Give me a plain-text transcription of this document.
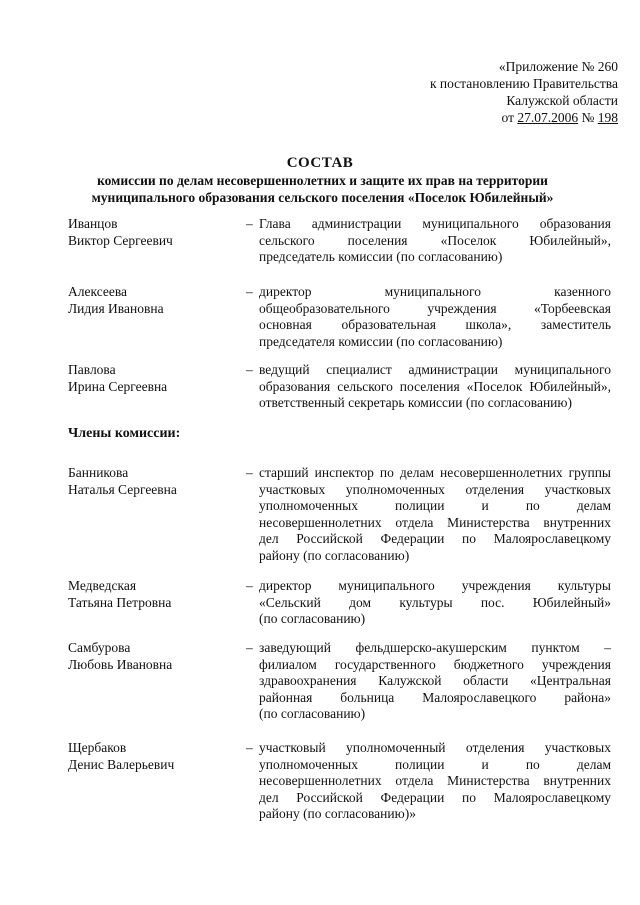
«Приложение № 260
к постановлению Правительства
Калужской области
от 27.07.2006 № 198
СОСТАВ
комиссии по делам несовершеннолетних и защите их прав на территории муниципального образования сельского поселения «Поселок Юбилейный»
Члены комиссии:
Иванцов
Виктор Сергеевич
– Глава администрации муниципального образования
сельского поселения «Поселок Юбилейный»,
председатель комиссии (по согласованию)
Алексеева
Лидия Ивановна
– директор муниципального казенного
общеобразовательного учреждения «Торбеевская
основная образовательная школа», заместитель
председателя комиссии (по согласованию)
Павлова
Ирина Сергеевна
– ведущий специалист администрации муниципального
образования сельского поселения «Поселок Юбилейный»,
ответственный секретарь комиссии (по согласованию)
Банникова
Наталья Сергеевна
– старший инспектор по делам несовершеннолетних группы
участковых уполномоченных отделения участковых
уполномоченных полиции и по делам
несовершеннолетних отдела Министерства внутренних
дел Российской Федерации по Малоярославецкому
району (по согласованию)
Медведская
Татьяна Петровна
– директор муниципального учреждения культуры
«Сельский дом культуры пос. Юбилейный»
(по согласованию)
Самбурова
Любовь Ивановна
– заведующий фельдшерско-акушерским пунктом –
филиалом государственного бюджетного учреждения
здравоохранения Калужской области «Центральная
районная больница Малоярославецкого района»
(по согласованию)
Щербаков
Денис Валерьевич
– участковый уполномоченный отделения участковых
уполномоченных полиции и по делам
несовершеннолетних отдела Министерства внутренних
дел Российской Федерации по Малоярославецкому
району (по согласованию)»
